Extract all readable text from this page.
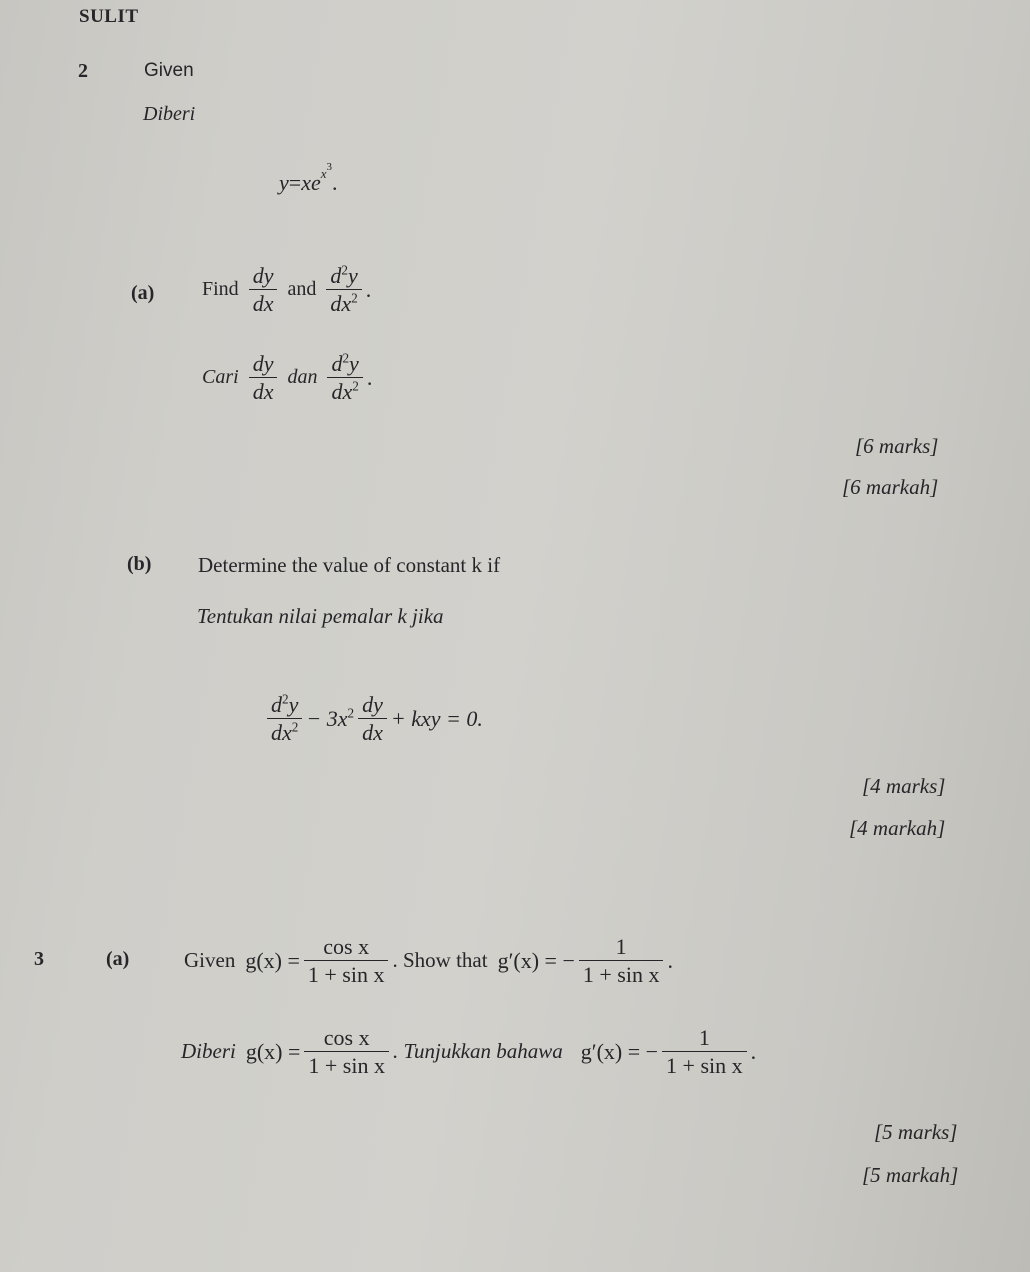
SULIT
2	Given
Diberi
$y=xe^{x^3}$.
(a) Find $\frac{dy}{dx}$ and $\frac{d^2y}{dx^2}$ .
Cari $\frac{dy}{dx}$ dan $\frac{d^2y}{dx^2}$ .
[6 marks]
[6 markah]
(b) Determine the value of constant k if
Tentukan nilai pemalar k jika
$\frac{d^2y}{dx^2} - 3x^2 \frac{dy}{dx}$ + kxy = 0.
[4 marks]
[4 markah]
3	(a)	Given $g(x) = \frac{\text{cos x}}{\text{1 + sin x}}$ . Show that g′(x) = − $\frac{1}{\text{1 + sin x}}$ .
Diberi $g(x) = \frac{\text{cos x}}{\text{1 + sin x}}$ . Tunjukkan bahawa g′(x) = − $\frac{1}{\text{1 + sin x}}$ .
[5 marks]
[5 markah]
